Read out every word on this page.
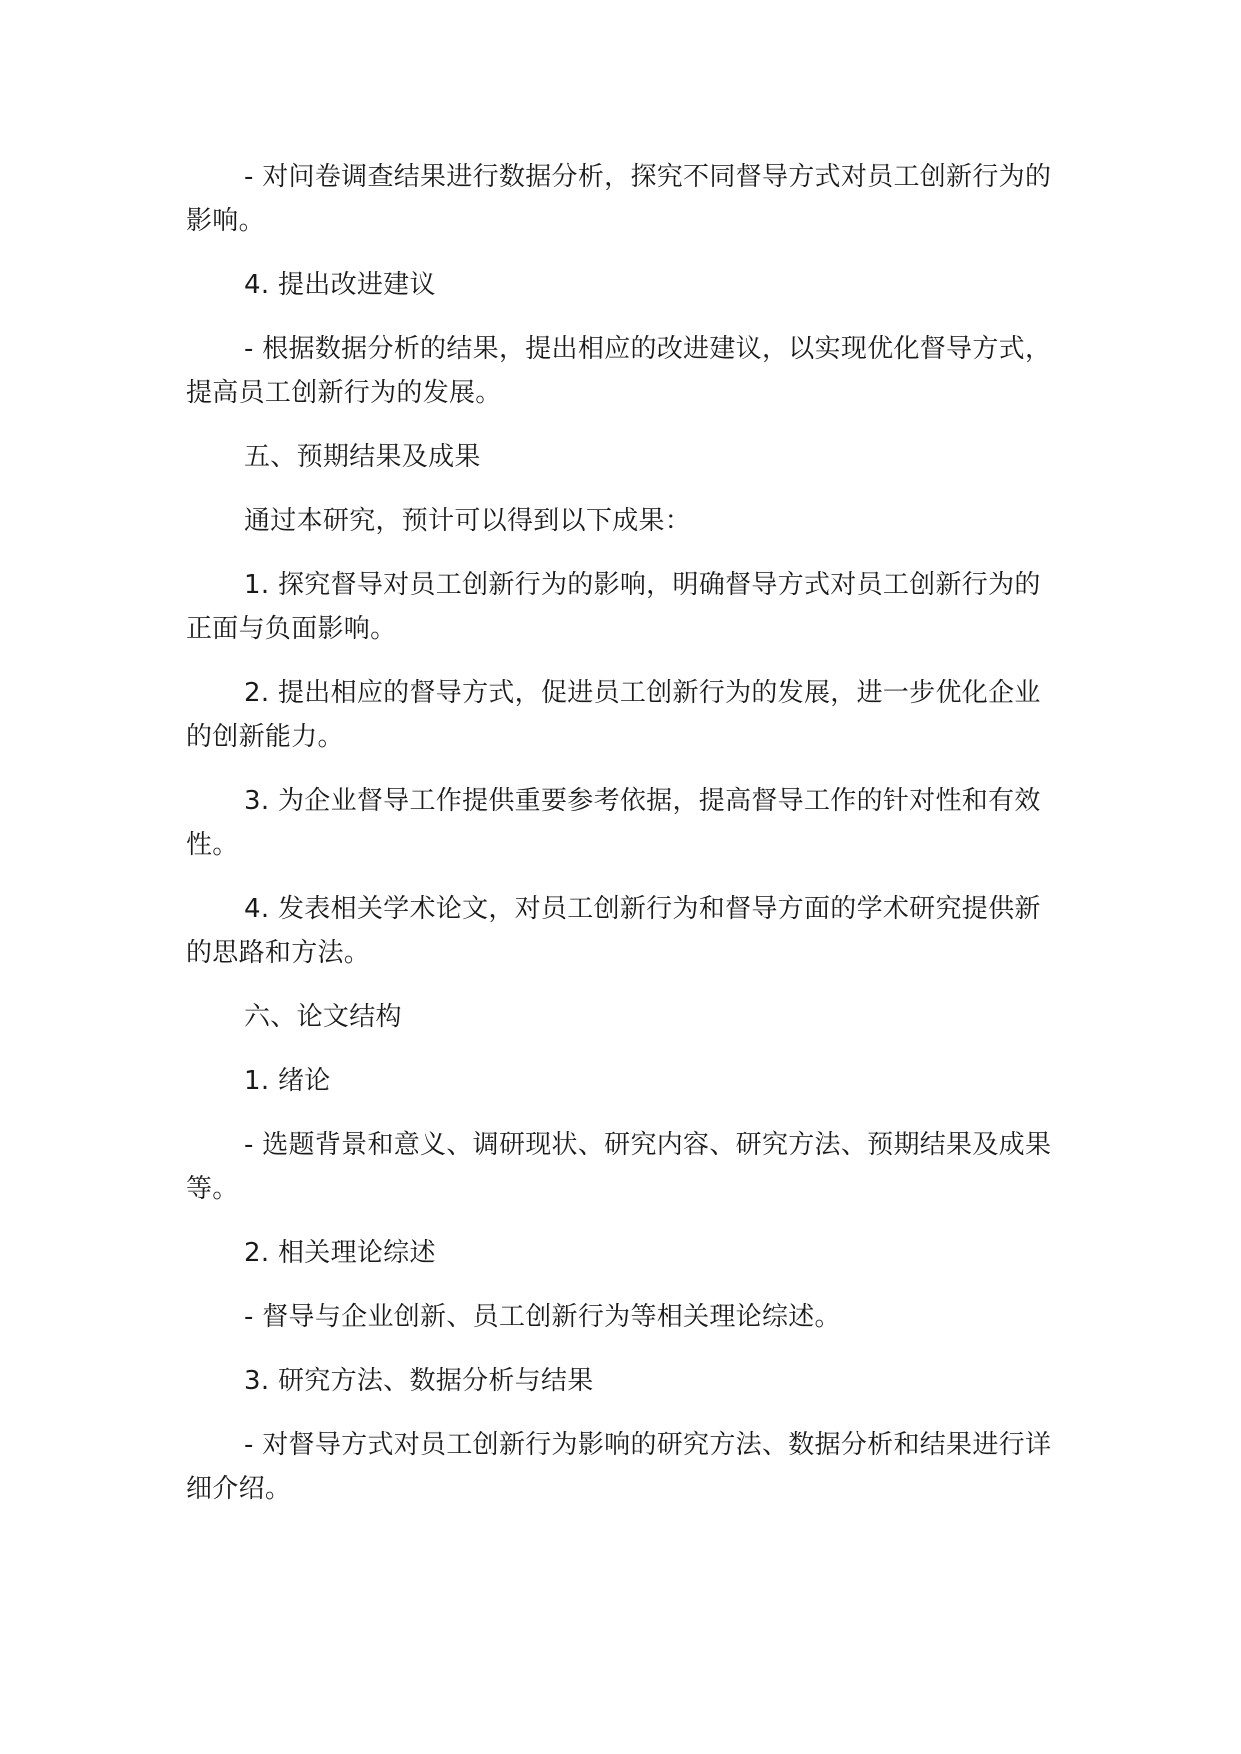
- 对问卷调查结果进行数据分析，探究不同督导方式对员工创新行为的影响。

4. 提出改进建议

- 根据数据分析的结果，提出相应的改进建议，以实现优化督导方式，提高员工创新行为的发展。

五、预期结果及成果

通过本研究，预计可以得到以下成果：

1. 探究督导对员工创新行为的影响，明确督导方式对员工创新行为的正面与负面影响。

2. 提出相应的督导方式，促进员工创新行为的发展，进一步优化企业的创新能力。

3. 为企业督导工作提供重要参考依据，提高督导工作的针对性和有效性。

4. 发表相关学术论文，对员工创新行为和督导方面的学术研究提供新的思路和方法。

六、论文结构

1. 绪论

- 选题背景和意义、调研现状、研究内容、研究方法、预期结果及成果等。

2. 相关理论综述

- 督导与企业创新、员工创新行为等相关理论综述。

3. 研究方法、数据分析与结果

- 对督导方式对员工创新行为影响的研究方法、数据分析和结果进行详细介绍。
